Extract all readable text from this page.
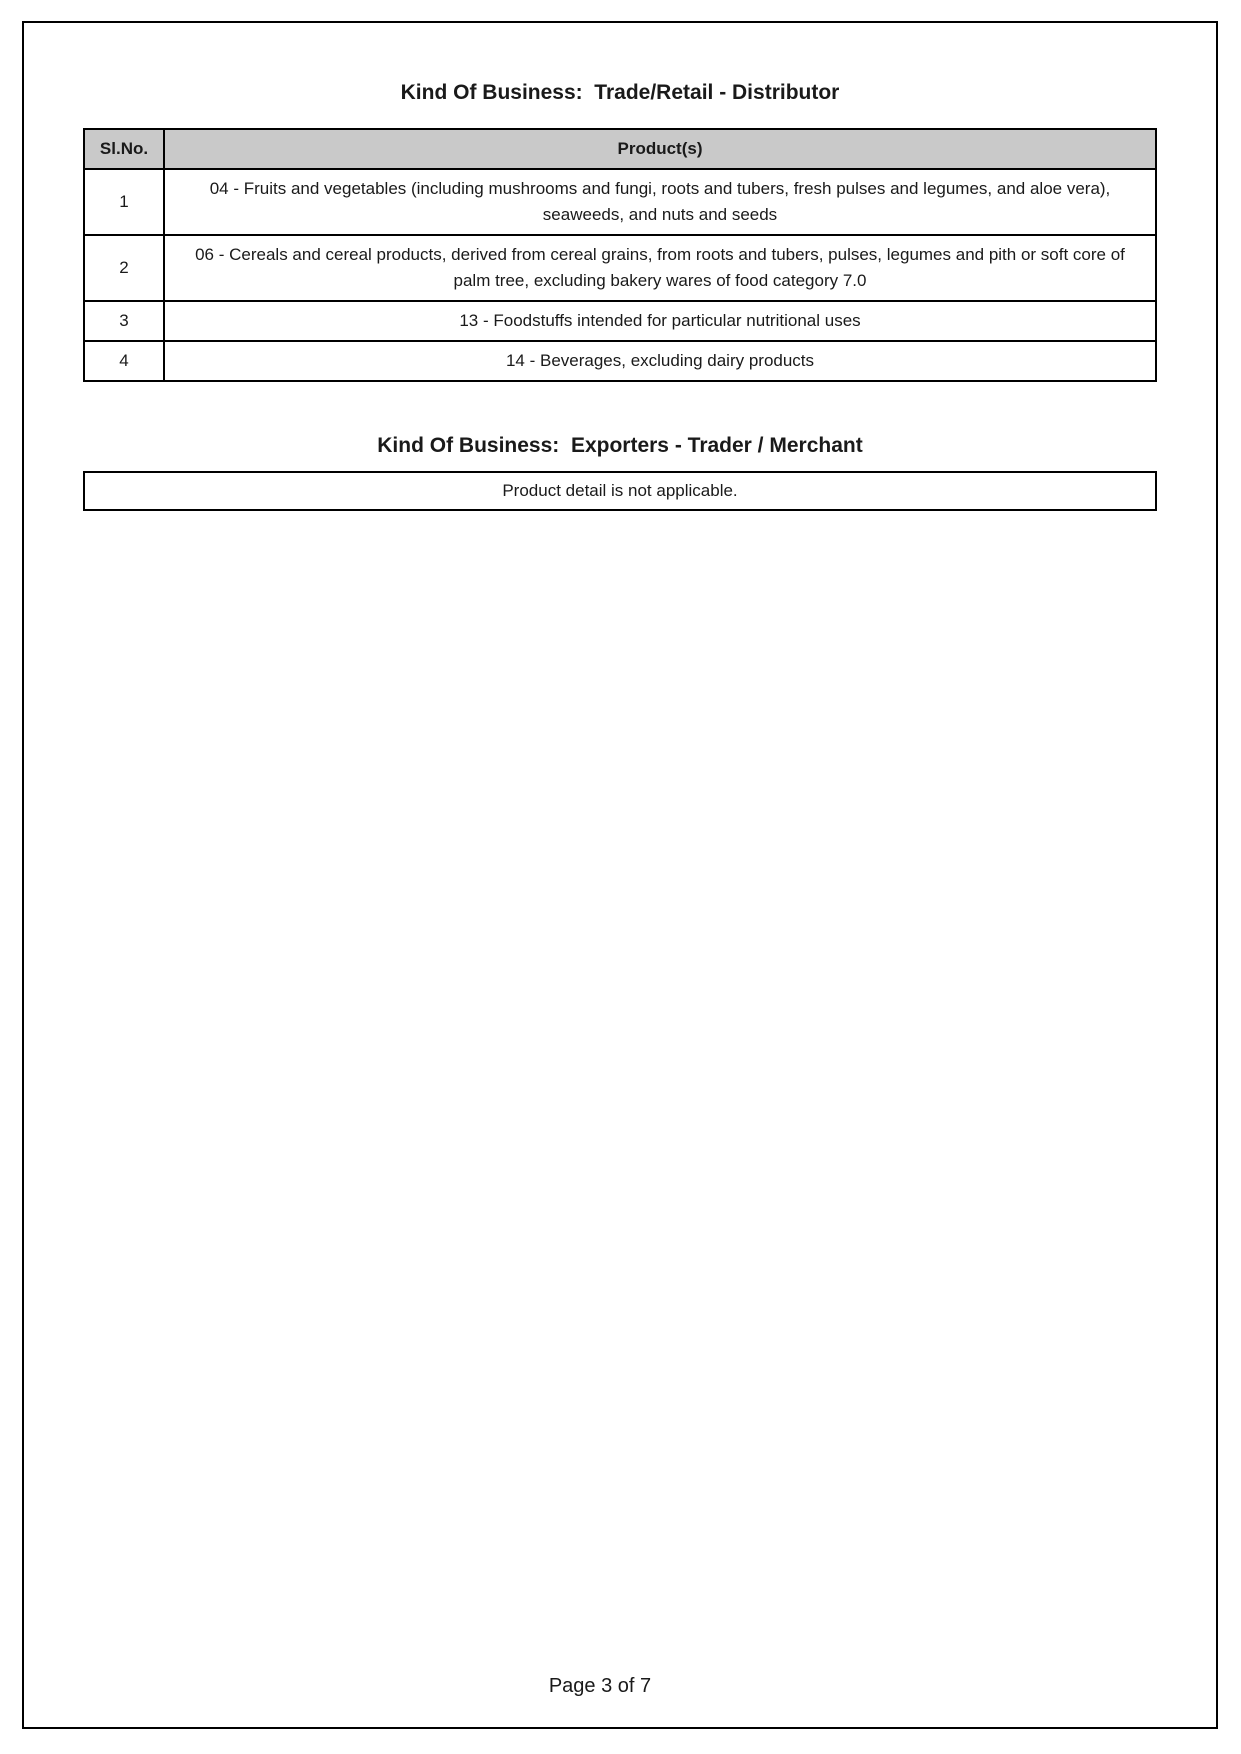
Kind Of Business:  Trade/Retail - Distributor
Sl.No.	Product(s)
1	04 - Fruits and vegetables (including mushrooms and fungi, roots and tubers, fresh pulses and legumes, and aloe vera), seaweeds, and nuts and seeds
2	06 - Cereals and cereal products, derived from cereal grains, from roots and tubers, pulses, legumes and pith or soft core of palm tree, excluding bakery wares of food category 7.0
3	13 - Foodstuffs intended for particular nutritional uses
4	14 - Beverages, excluding dairy products
Kind Of Business:  Exporters - Trader / Merchant
Product detail is not applicable.
Page 3 of 7
